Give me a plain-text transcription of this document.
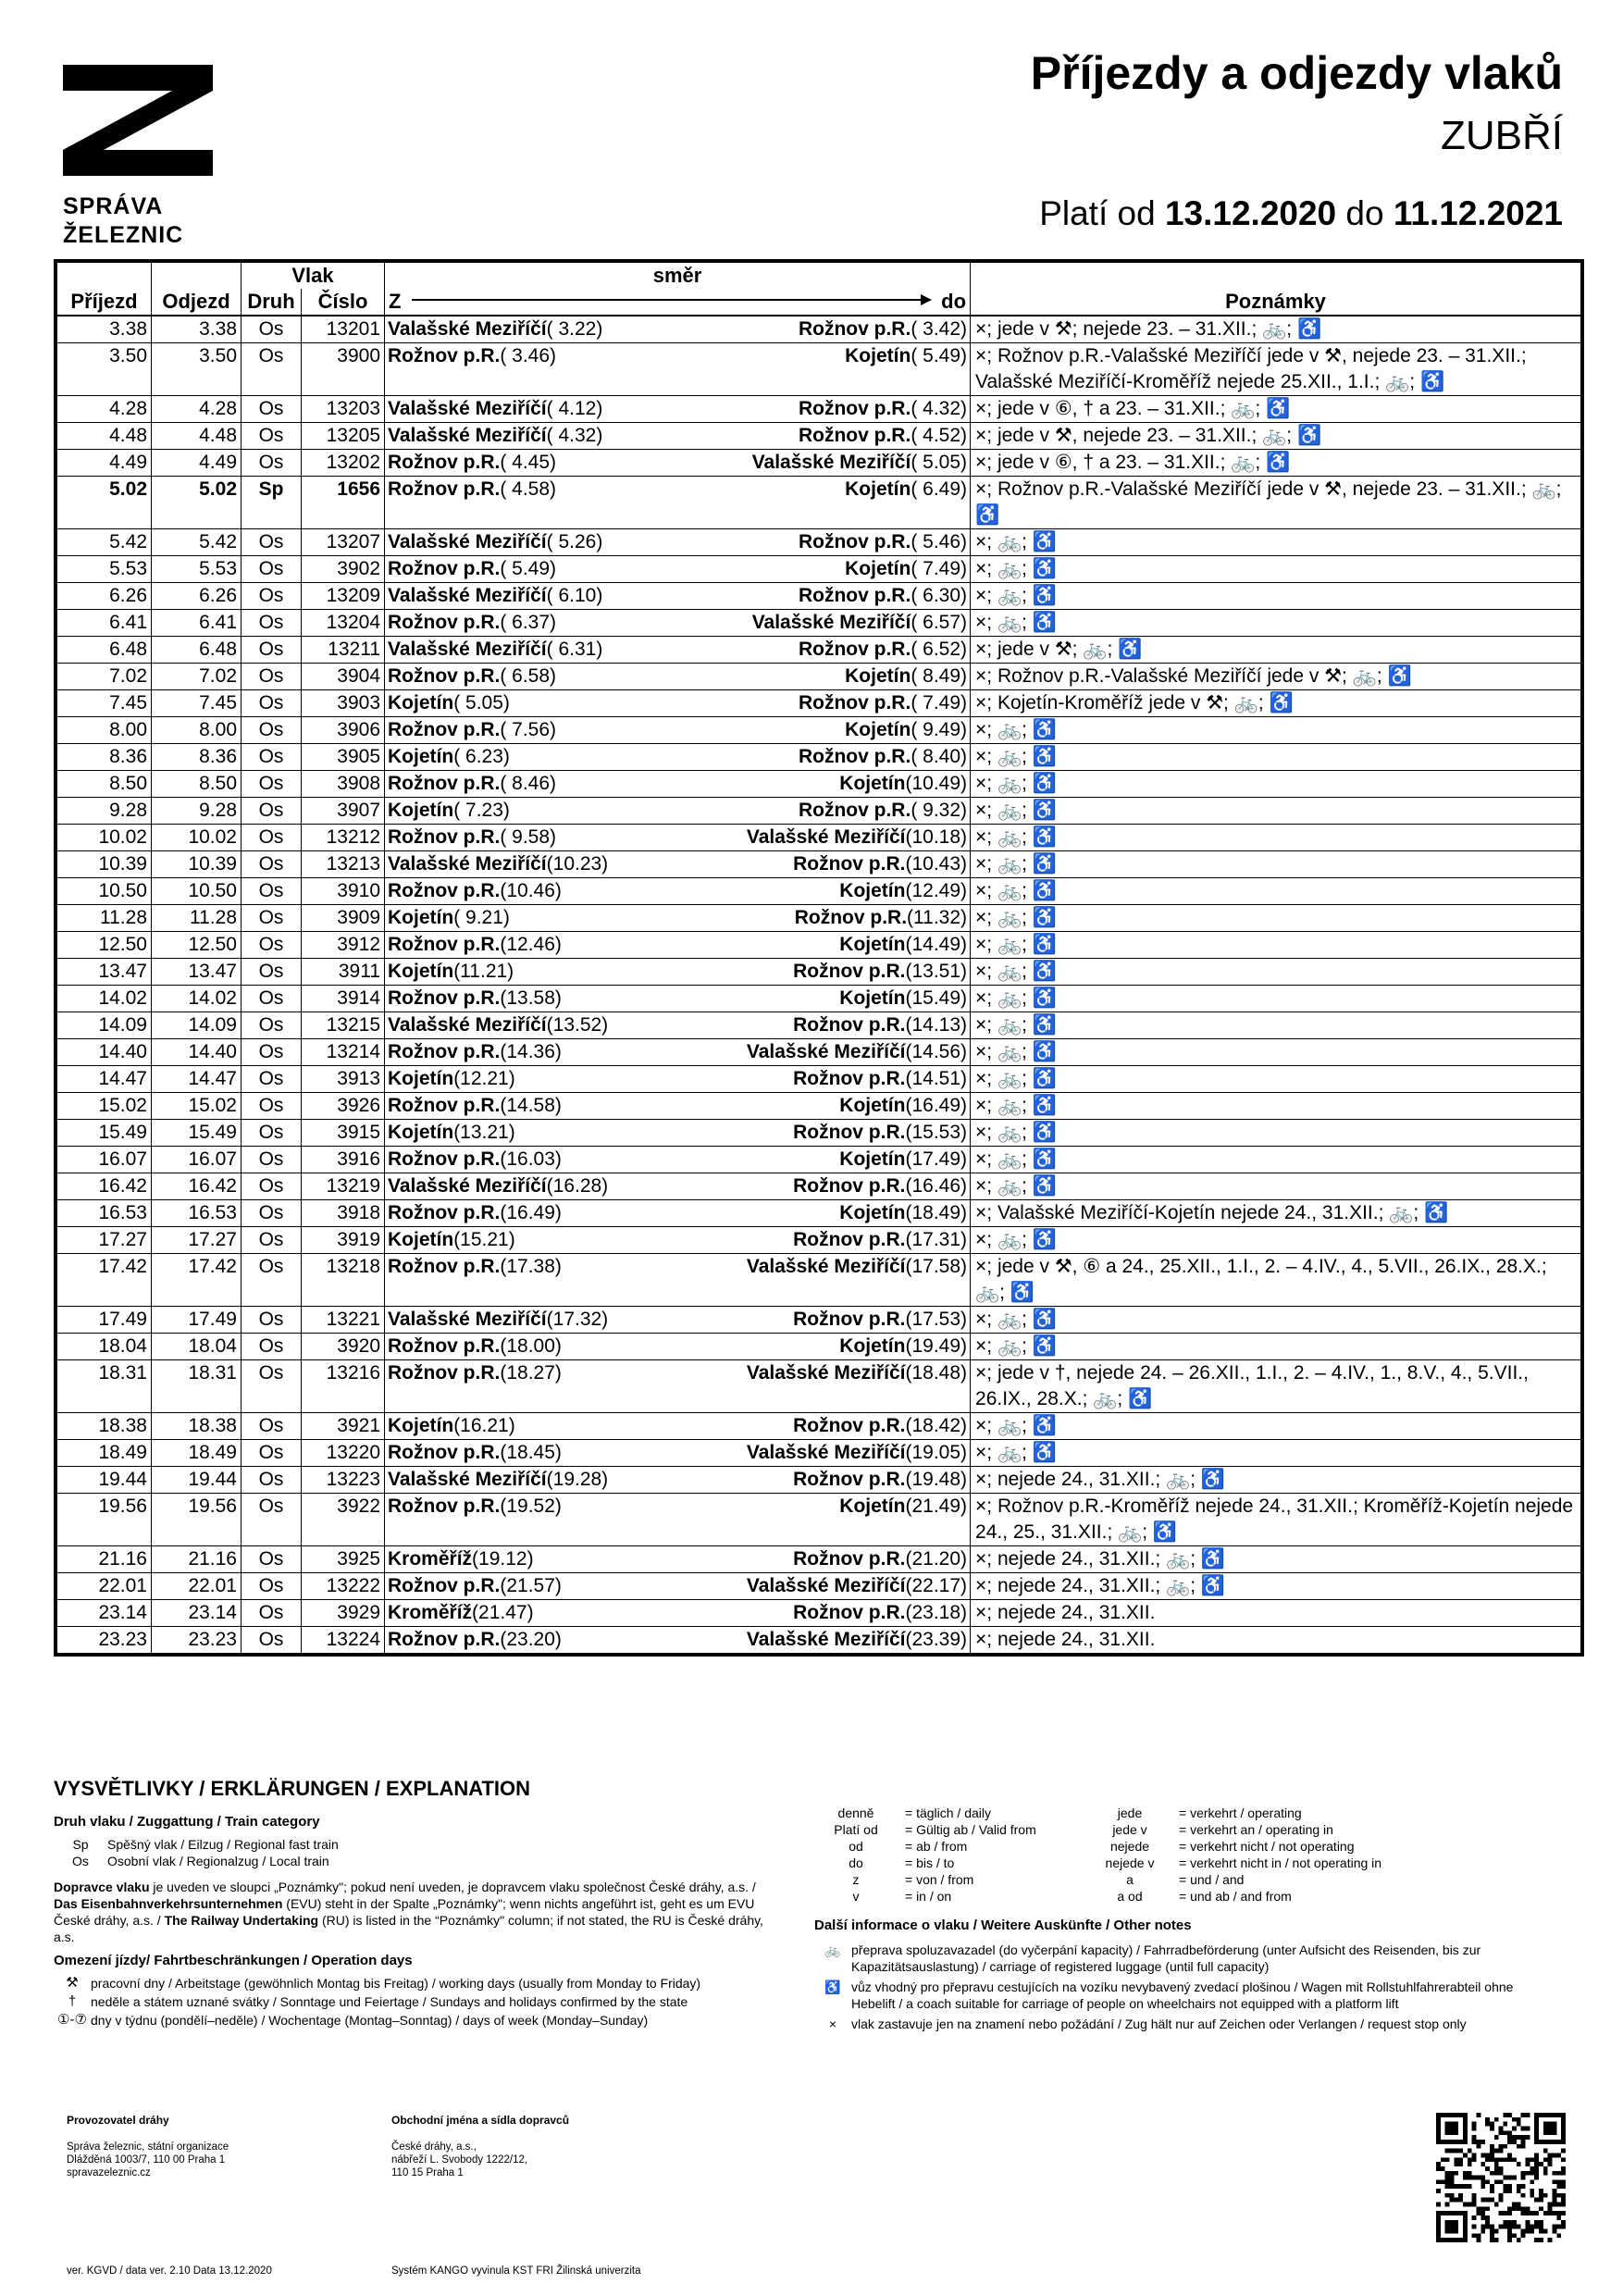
SPRÁVA
ŽELEZNIC
Příjezdy a odjezdy vlaků
ZUBŘÍ
Platí od 13.12.2020 do 11.12.2021
		Vlak		směr	

Příjezd	Odjezd	Druh	Číslo	Z do	Poznámky
3.38	3.38	Os	13201	Valašské Meziříčí( 3.22) Rožnov p.R.( 3.42)	×; jede v ⚒; nejede 23. – 31.XII.; 🚲; ♿
3.50	3.50	Os	3900	Rožnov p.R.( 3.46) Kojetín( 5.49)	×; Rožnov p.R.-Valašské Meziříčí jede v ⚒, nejede 23. – 31.XII.; Valašské Meziříčí-Kroměříž nejede 25.XII., 1.I.; 🚲; ♿
4.28	4.28	Os	13203	Valašské Meziříčí( 4.12) Rožnov p.R.( 4.32)	×; jede v ⑥, † a 23. – 31.XII.; 🚲; ♿
4.48	4.48	Os	13205	Valašské Meziříčí( 4.32) Rožnov p.R.( 4.52)	×; jede v ⚒, nejede 23. – 31.XII.; 🚲; ♿
4.49	4.49	Os	13202	Rožnov p.R.( 4.45) Valašské Meziříčí( 5.05)	×; jede v ⑥, † a 23. – 31.XII.; 🚲; ♿
5.02	5.02	Sp	1656	Rožnov p.R.( 4.58) Kojetín( 6.49)	×; Rožnov p.R.-Valašské Meziříčí jede v ⚒, nejede 23. – 31.XII.; 🚲; ♿
5.42	5.42	Os	13207	Valašské Meziříčí( 5.26) Rožnov p.R.( 5.46)	×; 🚲; ♿
5.53	5.53	Os	3902	Rožnov p.R.( 5.49) Kojetín( 7.49)	×; 🚲; ♿
6.26	6.26	Os	13209	Valašské Meziříčí( 6.10) Rožnov p.R.( 6.30)	×; 🚲; ♿
6.41	6.41	Os	13204	Rožnov p.R.( 6.37) Valašské Meziříčí( 6.57)	×; 🚲; ♿
6.48	6.48	Os	13211	Valašské Meziříčí( 6.31) Rožnov p.R.( 6.52)	×; jede v ⚒; 🚲; ♿
7.02	7.02	Os	3904	Rožnov p.R.( 6.58) Kojetín( 8.49)	×; Rožnov p.R.-Valašské Meziříčí jede v ⚒; 🚲; ♿
7.45	7.45	Os	3903	Kojetín( 5.05) Rožnov p.R.( 7.49)	×; Kojetín-Kroměříž jede v ⚒; 🚲; ♿
8.00	8.00	Os	3906	Rožnov p.R.( 7.56) Kojetín( 9.49)	×; 🚲; ♿
8.36	8.36	Os	3905	Kojetín( 6.23) Rožnov p.R.( 8.40)	×; 🚲; ♿
8.50	8.50	Os	3908	Rožnov p.R.( 8.46) Kojetín(10.49)	×; 🚲; ♿
9.28	9.28	Os	3907	Kojetín( 7.23) Rožnov p.R.( 9.32)	×; 🚲; ♿
10.02	10.02	Os	13212	Rožnov p.R.( 9.58) Valašské Meziříčí(10.18)	×; 🚲; ♿
10.39	10.39	Os	13213	Valašské Meziříčí(10.23) Rožnov p.R.(10.43)	×; 🚲; ♿
10.50	10.50	Os	3910	Rožnov p.R.(10.46) Kojetín(12.49)	×; 🚲; ♿
11.28	11.28	Os	3909	Kojetín( 9.21) Rožnov p.R.(11.32)	×; 🚲; ♿
12.50	12.50	Os	3912	Rožnov p.R.(12.46) Kojetín(14.49)	×; 🚲; ♿
13.47	13.47	Os	3911	Kojetín(11.21) Rožnov p.R.(13.51)	×; 🚲; ♿
14.02	14.02	Os	3914	Rožnov p.R.(13.58) Kojetín(15.49)	×; 🚲; ♿
14.09	14.09	Os	13215	Valašské Meziříčí(13.52) Rožnov p.R.(14.13)	×; 🚲; ♿
14.40	14.40	Os	13214	Rožnov p.R.(14.36) Valašské Meziříčí(14.56)	×; 🚲; ♿
14.47	14.47	Os	3913	Kojetín(12.21) Rožnov p.R.(14.51)	×; 🚲; ♿
15.02	15.02	Os	3926	Rožnov p.R.(14.58) Kojetín(16.49)	×; 🚲; ♿
15.49	15.49	Os	3915	Kojetín(13.21) Rožnov p.R.(15.53)	×; 🚲; ♿
16.07	16.07	Os	3916	Rožnov p.R.(16.03) Kojetín(17.49)	×; 🚲; ♿
16.42	16.42	Os	13219	Valašské Meziříčí(16.28) Rožnov p.R.(16.46)	×; 🚲; ♿
16.53	16.53	Os	3918	Rožnov p.R.(16.49) Kojetín(18.49)	×; Valašské Meziříčí-Kojetín nejede 24., 31.XII.; 🚲; ♿
17.27	17.27	Os	3919	Kojetín(15.21) Rožnov p.R.(17.31)	×; 🚲; ♿
17.42	17.42	Os	13218	Rožnov p.R.(17.38) Valašské Meziříčí(17.58)	×; jede v ⚒, ⑥ a 24., 25.XII., 1.I., 2. – 4.IV., 4., 5.VII., 26.IX., 28.X.; 🚲; ♿
17.49	17.49	Os	13221	Valašské Meziříčí(17.32) Rožnov p.R.(17.53)	×; 🚲; ♿
18.04	18.04	Os	3920	Rožnov p.R.(18.00) Kojetín(19.49)	×; 🚲; ♿
18.31	18.31	Os	13216	Rožnov p.R.(18.27) Valašské Meziříčí(18.48)	×; jede v †, nejede 24. – 26.XII., 1.I., 2. – 4.IV., 1., 8.V., 4., 5.VII., 26.IX., 28.X.; 🚲; ♿
18.38	18.38	Os	3921	Kojetín(16.21) Rožnov p.R.(18.42)	×; 🚲; ♿
18.49	18.49	Os	13220	Rožnov p.R.(18.45) Valašské Meziříčí(19.05)	×; 🚲; ♿
19.44	19.44	Os	13223	Valašské Meziříčí(19.28) Rožnov p.R.(19.48)	×; nejede 24., 31.XII.; 🚲; ♿
19.56	19.56	Os	3922	Rožnov p.R.(19.52) Kojetín(21.49)	×; Rožnov p.R.-Kroměříž nejede 24., 31.XII.; Kroměříž-Kojetín nejede 24., 25., 31.XII.; 🚲; ♿
21.16	21.16	Os	3925	Kroměříž(19.12) Rožnov p.R.(21.20)	×; nejede 24., 31.XII.; 🚲; ♿
22.01	22.01	Os	13222	Rožnov p.R.(21.57) Valašské Meziříčí(22.17)	×; nejede 24., 31.XII.; 🚲; ♿
23.14	23.14	Os	3929	Kroměříž(21.47) Rožnov p.R.(23.18)	×; nejede 24., 31.XII.
23.23	23.23	Os	13224	Rožnov p.R.(23.20) Valašské Meziříčí(23.39)	×; nejede 24., 31.XII.
VYSVĚTLIVKY / ERKLÄRUNGEN / EXPLANATION
Druh vlaku / Zuggattung / Train category
Sp	Spěšný vlak / Eilzug / Regional fast train
Os	Osobní vlak / Regionalzug / Local train

Dopravce vlaku je uveden ve sloupci „Poznámky"; pokud není uveden, je dopravcem vlaku společnost České dráhy, a.s. / Das Eisenbahnverkehrsunternehmen (EVU) steht in der Spalte „Poznámky"; wenn nichts angeführt ist, geht es um EVU České dráhy, a.s. / The Railway Undertaking (RU) is listed in the “Poznámky" column; if not stated, the RU is České dráhy, a.s.

Omezení jízdy/ Fahrtbeschränkungen / Operation days
⚒ pracovní dny / Arbeitstage (gewöhnlich Montag bis Freitag) / working days (usually from Monday to Friday)
†	neděle a státem uznané svátky / Sonntage und Feiertage / Sundays and holidays confirmed by the state
①-⑦ dny v týdnu (pondělí–neděle) / Wochentage (Montag–Sonntag) / days of week (Monday–Sunday)
denně	= täglich / daily	jede	= verkehrt / operating
Platí od	= Gültig ab / Valid from	jede v	= verkehrt an / operating in
od	= ab / from	nejede	= verkehrt nicht / not operating
do	= bis / to	nejede v	= verkehrt nicht in / not operating in
z	= von / from	a	= und / and
v	= in / on	a od	= und ab / and from
Další informace o vlaku / Weitere Auskünfte / Other notes
🚲 přeprava spoluzavazadel (do vyčerpání kapacity) / Fahrradbeförderung (unter Aufsicht des Reisenden, bis zur Kapazitätsauslastung) / carriage of registered luggage (until full capacity)
♿ vůz vhodný pro přepravu cestujících na vozíku nevybavený zvedací plošinou / Wagen mit Rollstuhlfahrerabteil ohne Hebelift / a coach suitable for carriage of people on wheelchairs not equipped with a platform lift
×	vlak zastavuje jen na znamení nebo požádání / Zug hält nur auf Zeichen oder Verlangen / request stop only
Provozovatel dráhy

Správa železnic, státní organizace
Dlážděná 1003/7, 110 00 Praha 1
spravazeleznic.cz
Obchodní jména a sídla dopravců

České dráhy, a.s.,
nábřeží L. Svobody 1222/12,
110 15 Praha 1
ver. KGVD / data ver. 2.10 Data 13.12.2020	Systém KANGO vyvinula KST FRI Žilinská univerzita
